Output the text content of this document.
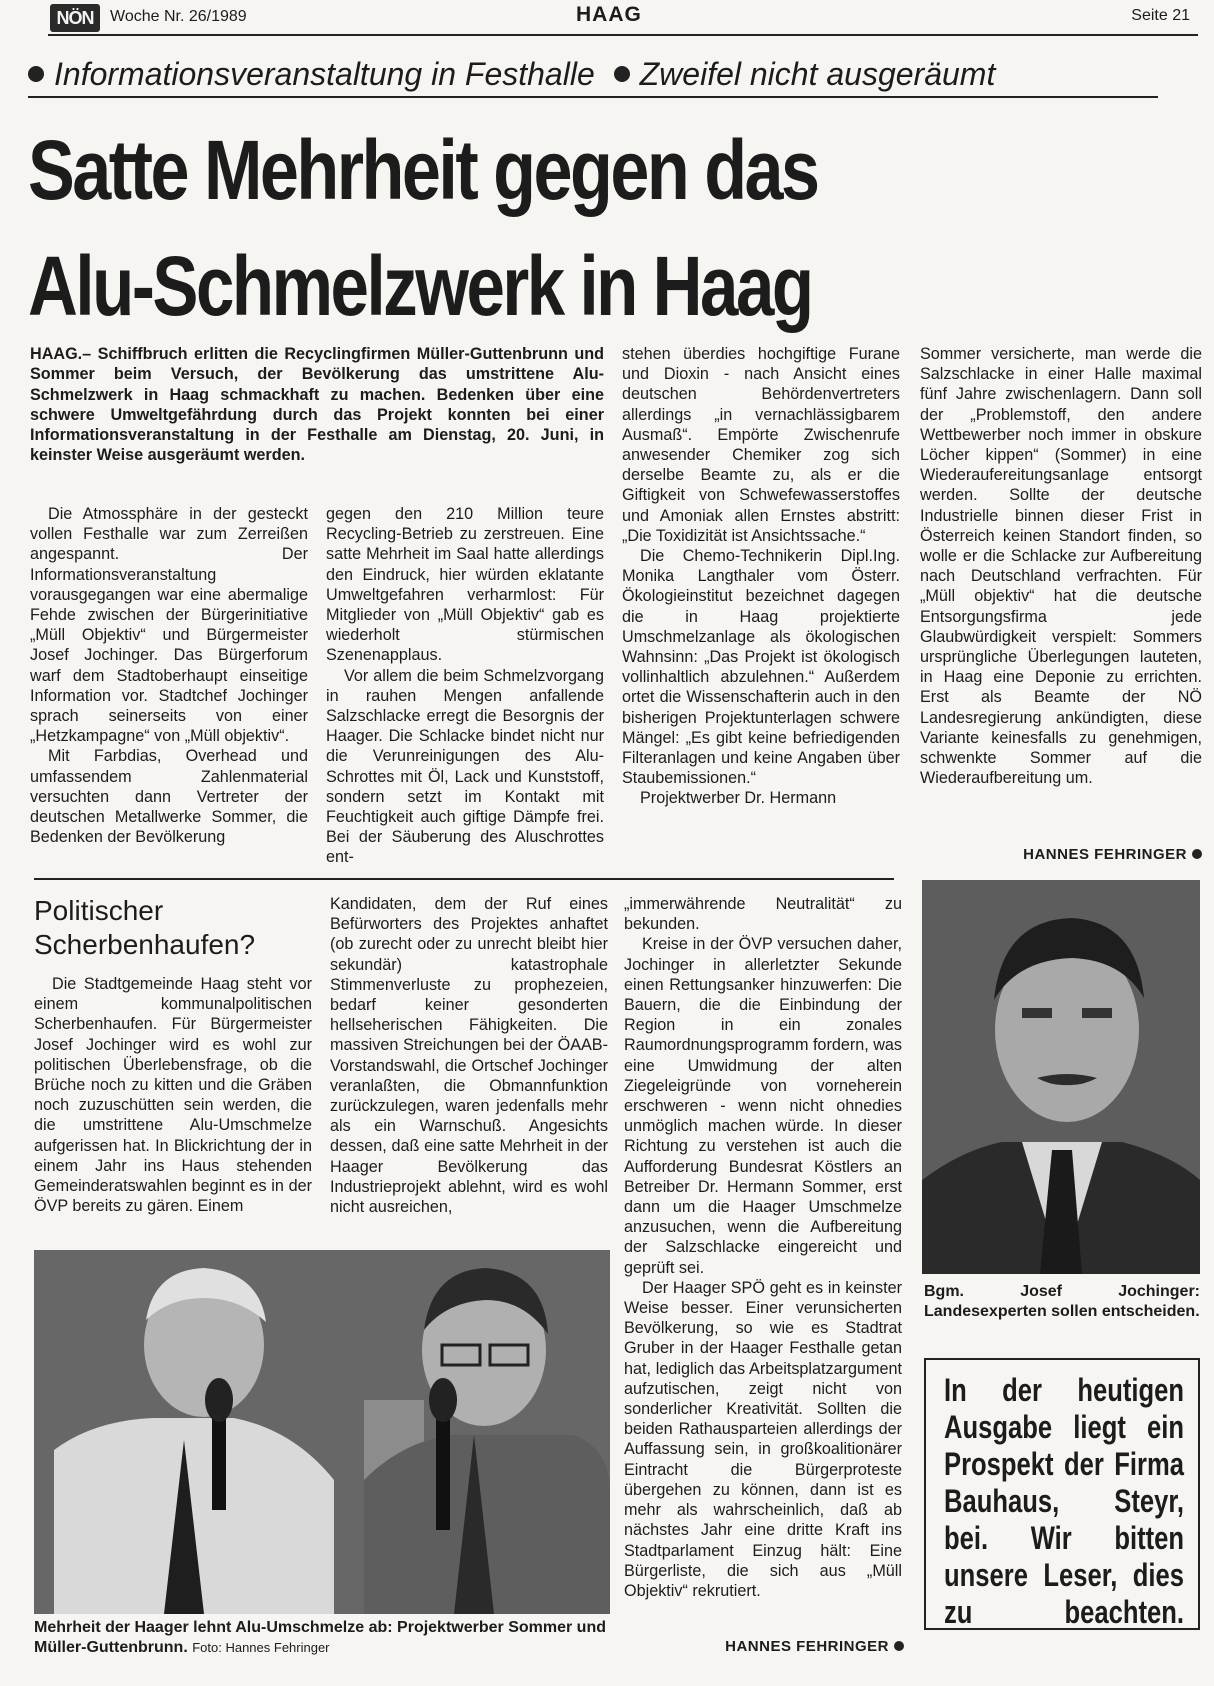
NÖN	Woche Nr. 26/1989	HAAG	Seite 21
Informationsveranstaltung in Festhalle Zweifel nicht ausgeräumt
Satte Mehrheit gegen das
Alu-Schmelzwerk in Haag
HAAG.– Schiffbruch erlitten die Recyclingfirmen Müller-Guttenbrunn und Sommer beim Versuch, der Bevölkerung das umstrittene Alu-Schmelzwerk in Haag schmackhaft zu machen. Bedenken über eine schwere Umweltgefährdung durch das Projekt konnten bei einer Informationsveranstaltung in der Festhalle am Dienstag, 20. Juni, in keinster Weise ausgeräumt werden.

Die Atmossphäre in der gesteckt vollen Festhalle war zum Zerreißen angespannt. Der Informationsveranstaltung vorausgegangen war eine abermalige Fehde zwischen der Bürgerinitiative „Müll Objektiv“ und Bürgermeister Josef Jochinger. Das Bürgerforum warf dem Stadtoberhaupt einseitige Information vor. Stadtchef Jochinger sprach seinerseits von einer „Hetzkampagne“ von „Müll objektiv“.

Mit Farbdias, Overhead und umfassendem Zahlenmaterial versuchten dann Vertreter der deutschen Metallwerke Sommer, die Bedenken der Bevölkerung

gegen den 210 Million teure Recycling-Betrieb zu zerstreuen. Eine satte Mehrheit im Saal hatte allerdings den Eindruck, hier würden eklatante Umweltgefahren verharmlost: Für Mitglieder von „Müll Objektiv“ gab es wiederholt stürmischen Szenenapplaus.

Vor allem die beim Schmelzvorgang in rauhen Mengen anfallende Salzschlacke erregt die Besorgnis der Haager. Die Schlacke bindet nicht nur die Verunreinigungen des Alu-Schrottes mit Öl, Lack und Kunststoff, sondern setzt im Kontakt mit Feuchtigkeit auch giftige Dämpfe frei. Bei der Säuberung des Aluschrottes ent-

stehen überdies hochgiftige Furane und Dioxin - nach Ansicht eines deutschen Behördenvertreters allerdings „in vernachlässigbarem Ausmaß“. Empörte Zwischenrufe anwesender Chemiker zog sich derselbe Beamte zu, als er die Giftigkeit von Schwefewasserstoffes und Amoniak allen Ernstes abstritt: „Die Toxidizität ist Ansichtssache.“

Die Chemo-Technikerin Dipl.Ing. Monika Langthaler vom Österr. Ökologieinstitut bezeichnet dagegen die in Haag projektierte Umschmelzanlage als ökologischen Wahnsinn: „Das Projekt ist ökologisch vollinhaltlich abzulehnen.“ Außerdem ortet die Wissenschafterin auch in den bisherigen Projektunterlagen schwere Mängel: „Es gibt keine befriedigenden Filteranlagen und keine Angaben über Staubemissionen.“

Projektwerber Dr. Hermann

Sommer versicherte, man werde die Salzschlacke in einer Halle maximal fünf Jahre zwischenlagern. Dann soll der „Problemstoff, den andere Wettbewerber noch immer in obskure Löcher kippen“ (Sommer) in eine Wiederaufereitungsanlage entsorgt werden. Sollte der deutsche Industrielle binnen dieser Frist in Österreich keinen Standort finden, so wolle er die Schlacke zur Aufbereitung nach Deutschland verfrachten. Für „Müll objektiv“ hat die deutsche Entsorgungsfirma jede Glaubwürdigkeit verspielt: Sommers ursprüngliche Überlegungen lauteten, in Haag eine Deponie zu errichten. Erst als Beamte der NÖ Landesregierung ankündigten, diese Variante keinesfalls zu genehmigen, schwenkte Sommer auf die Wiederaufbereitung um.

HANNES FEHRINGER
Politischer
Scherbenhaufen?

Die Stadtgemeinde Haag steht vor einem kommunalpolitischen Scherbenhaufen. Für Bürgermeister Josef Jochinger wird es wohl zur politischen Überlebensfrage, ob die Brüche noch zu kitten und die Gräben noch zuzuschütten sein werden, die die umstrittene Alu-Umschmelze aufgerissen hat. In Blickrichtung der in einem Jahr ins Haus stehenden Gemeinderatswahlen beginnt es in der ÖVP bereits zu gären. Einem

Kandidaten, dem der Ruf eines Befürworters des Projektes anhaftet (ob zurecht oder zu unrecht bleibt hier sekundär) katastrophale Stimmenverluste zu prophezeien, bedarf keiner gesonderten hellseherischen Fähigkeiten. Die massiven Streichungen bei der ÖAAB-Vorstandswahl, die Ortschef Jochinger veranlaßten, die Obmannfunktion zurückzulegen, waren jedenfalls mehr als ein Warnschuß. Angesichts dessen, daß eine satte Mehrheit in der Haager Bevölkerung das Industrieprojekt ablehnt, wird es wohl nicht ausreichen,

„immerwährende Neutralität“ zu bekunden.

Kreise in der ÖVP versuchen daher, Jochinger in allerletzter Sekunde einen Rettungsanker hinzuwerfen: Die Bauern, die die Einbindung der Region in ein zonales Raumordnungsprogramm fordern, was eine Umwidmung der alten Ziegeleigründe von vorneherein erschweren - wenn nicht ohnedies unmöglich machen würde. In dieser Richtung zu verstehen ist auch die Aufforderung Bundesrat Köstlers an Betreiber Dr. Hermann Sommer, erst dann um die Haager Umschmelze anzusuchen, wenn die Aufbereitung der Salzschlacke eingereicht und geprüft sei.

Der Haager SPÖ geht es in keinster Weise besser. Einer verunsicherten Bevölkerung, so wie es Stadtrat Gruber in der Haager Festhalle getan hat, lediglich das Arbeitsplatzargument aufzutischen, zeigt nicht von sonderlicher Kreativität. Sollten die beiden Rathausparteien allerdings der Auffassung sein, in großkoalitionärer Eintracht die Bürgerproteste übergehen zu können, dann ist es mehr als wahrscheinlich, daß ab nächstes Jahr eine dritte Kraft ins Stadtparlament Einzug hält: Eine Bürgerliste, die sich aus „Müll Objektiv“ rekrutiert.

HANNES FEHRINGER
Bgm. Josef Jochinger: Landesexperten sollen entscheiden.
Mehrheit der Haager lehnt Alu-Umschmelze ab: Projektwerber Sommer und Müller-Guttenbrunn. Foto: Hannes Fehringer
In der heutigen Ausgabe liegt ein Prospekt der Firma Bauhaus, Steyr, bei. Wir bitten unsere Leser, dies zu beachten.
